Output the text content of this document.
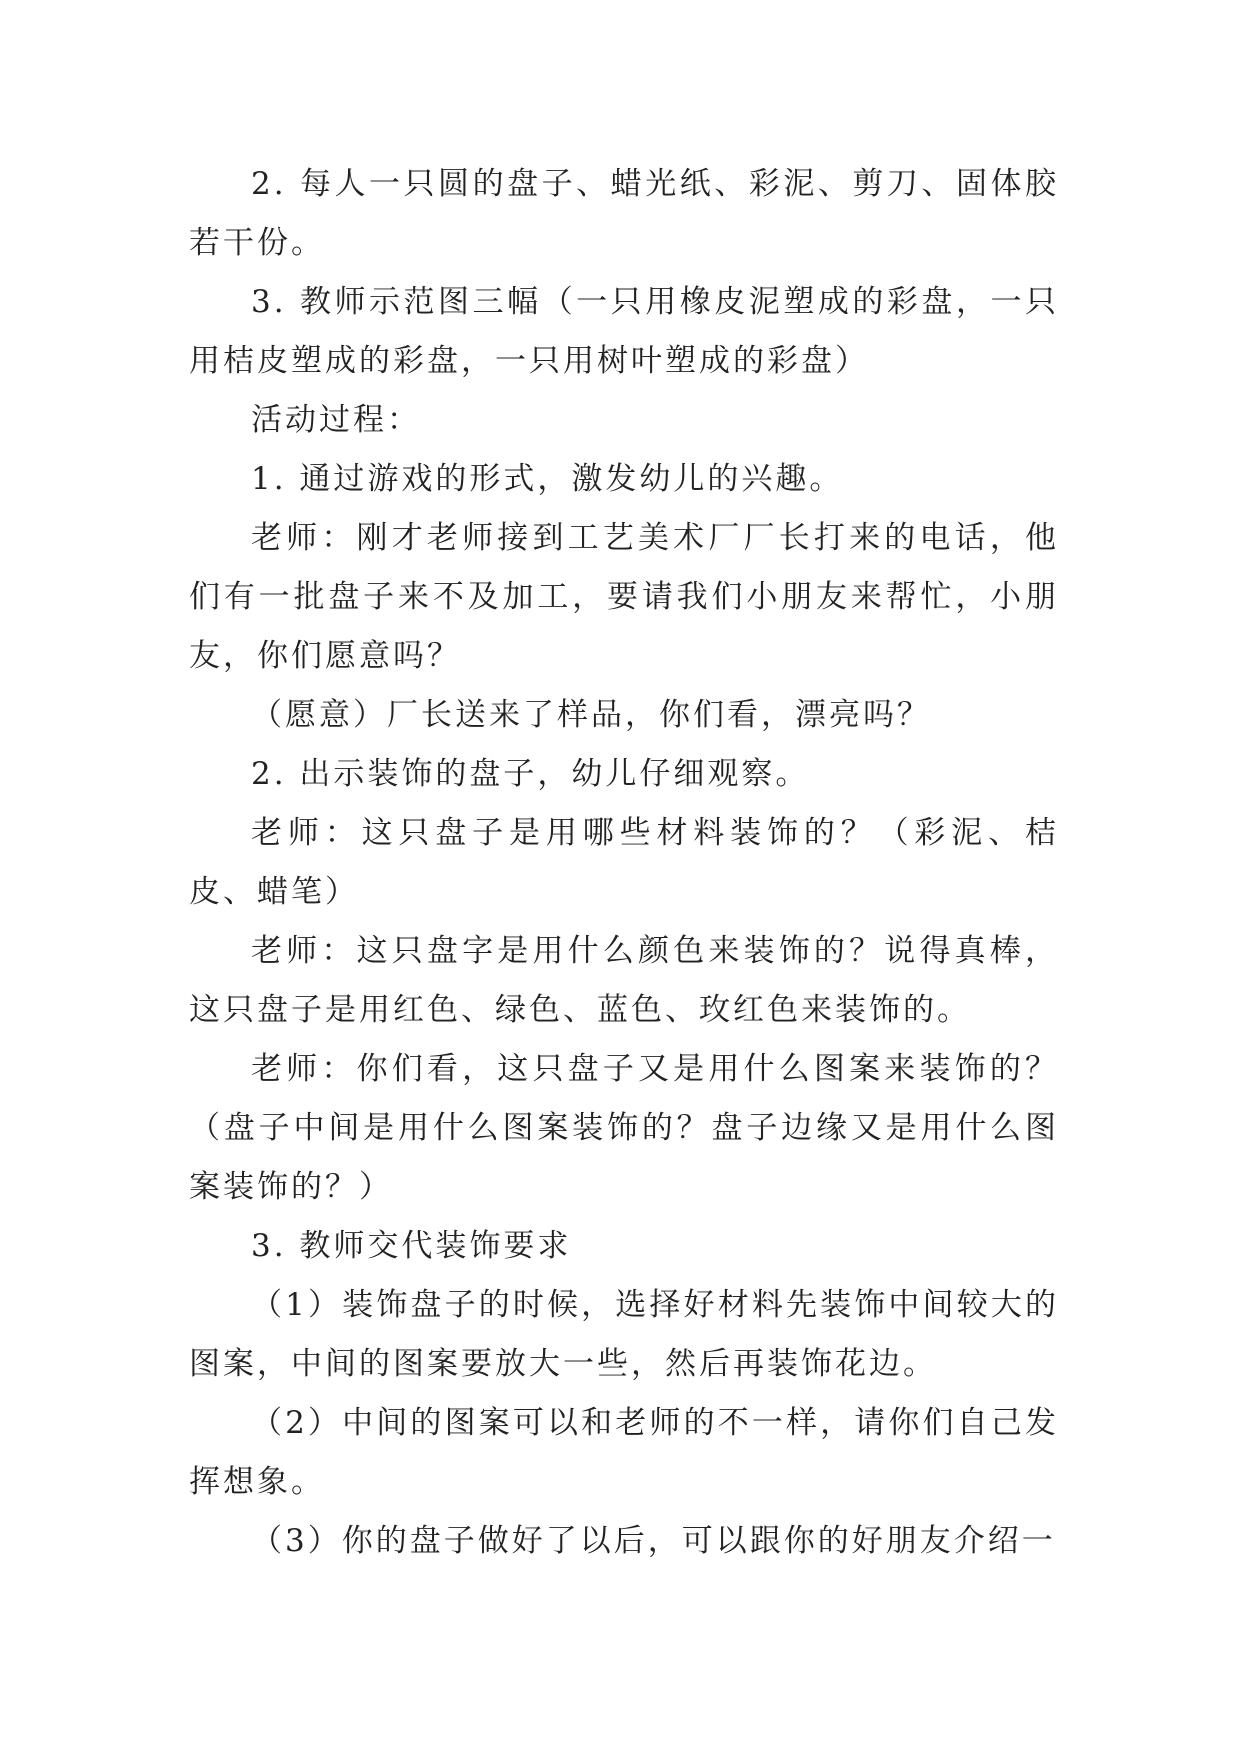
2. 每人一只圆的盘子、蜡光纸、彩泥、剪刀、固体胶若干份。

3. 教师示范图三幅（一只用橡皮泥塑成的彩盘，一只用桔皮塑成的彩盘，一只用树叶塑成的彩盘）

活动过程：

1. 通过游戏的形式，激发幼儿的兴趣。

老师：刚才老师接到工艺美术厂厂长打来的电话，他们有一批盘子来不及加工，要请我们小朋友来帮忙，小朋友，你们愿意吗？

（愿意）厂长送来了样品，你们看，漂亮吗？

2. 出示装饰的盘子，幼儿仔细观察。

老师：这只盘子是用哪些材料装饰的？（彩泥、桔皮、蜡笔）

老师：这只盘字是用什么颜色来装饰的？说得真棒，这只盘子是用红色、绿色、蓝色、玫红色来装饰的。

老师：你们看，这只盘子又是用什么图案来装饰的？（盘子中间是用什么图案装饰的？盘子边缘又是用什么图案装饰的？）

3. 教师交代装饰要求

（1）装饰盘子的时候，选择好材料先装饰中间较大的图案，中间的图案要放大一些，然后再装饰花边。

（2）中间的图案可以和老师的不一样，请你们自己发挥想象。

（3）你的盘子做好了以后，可以跟你的好朋友介绍一
